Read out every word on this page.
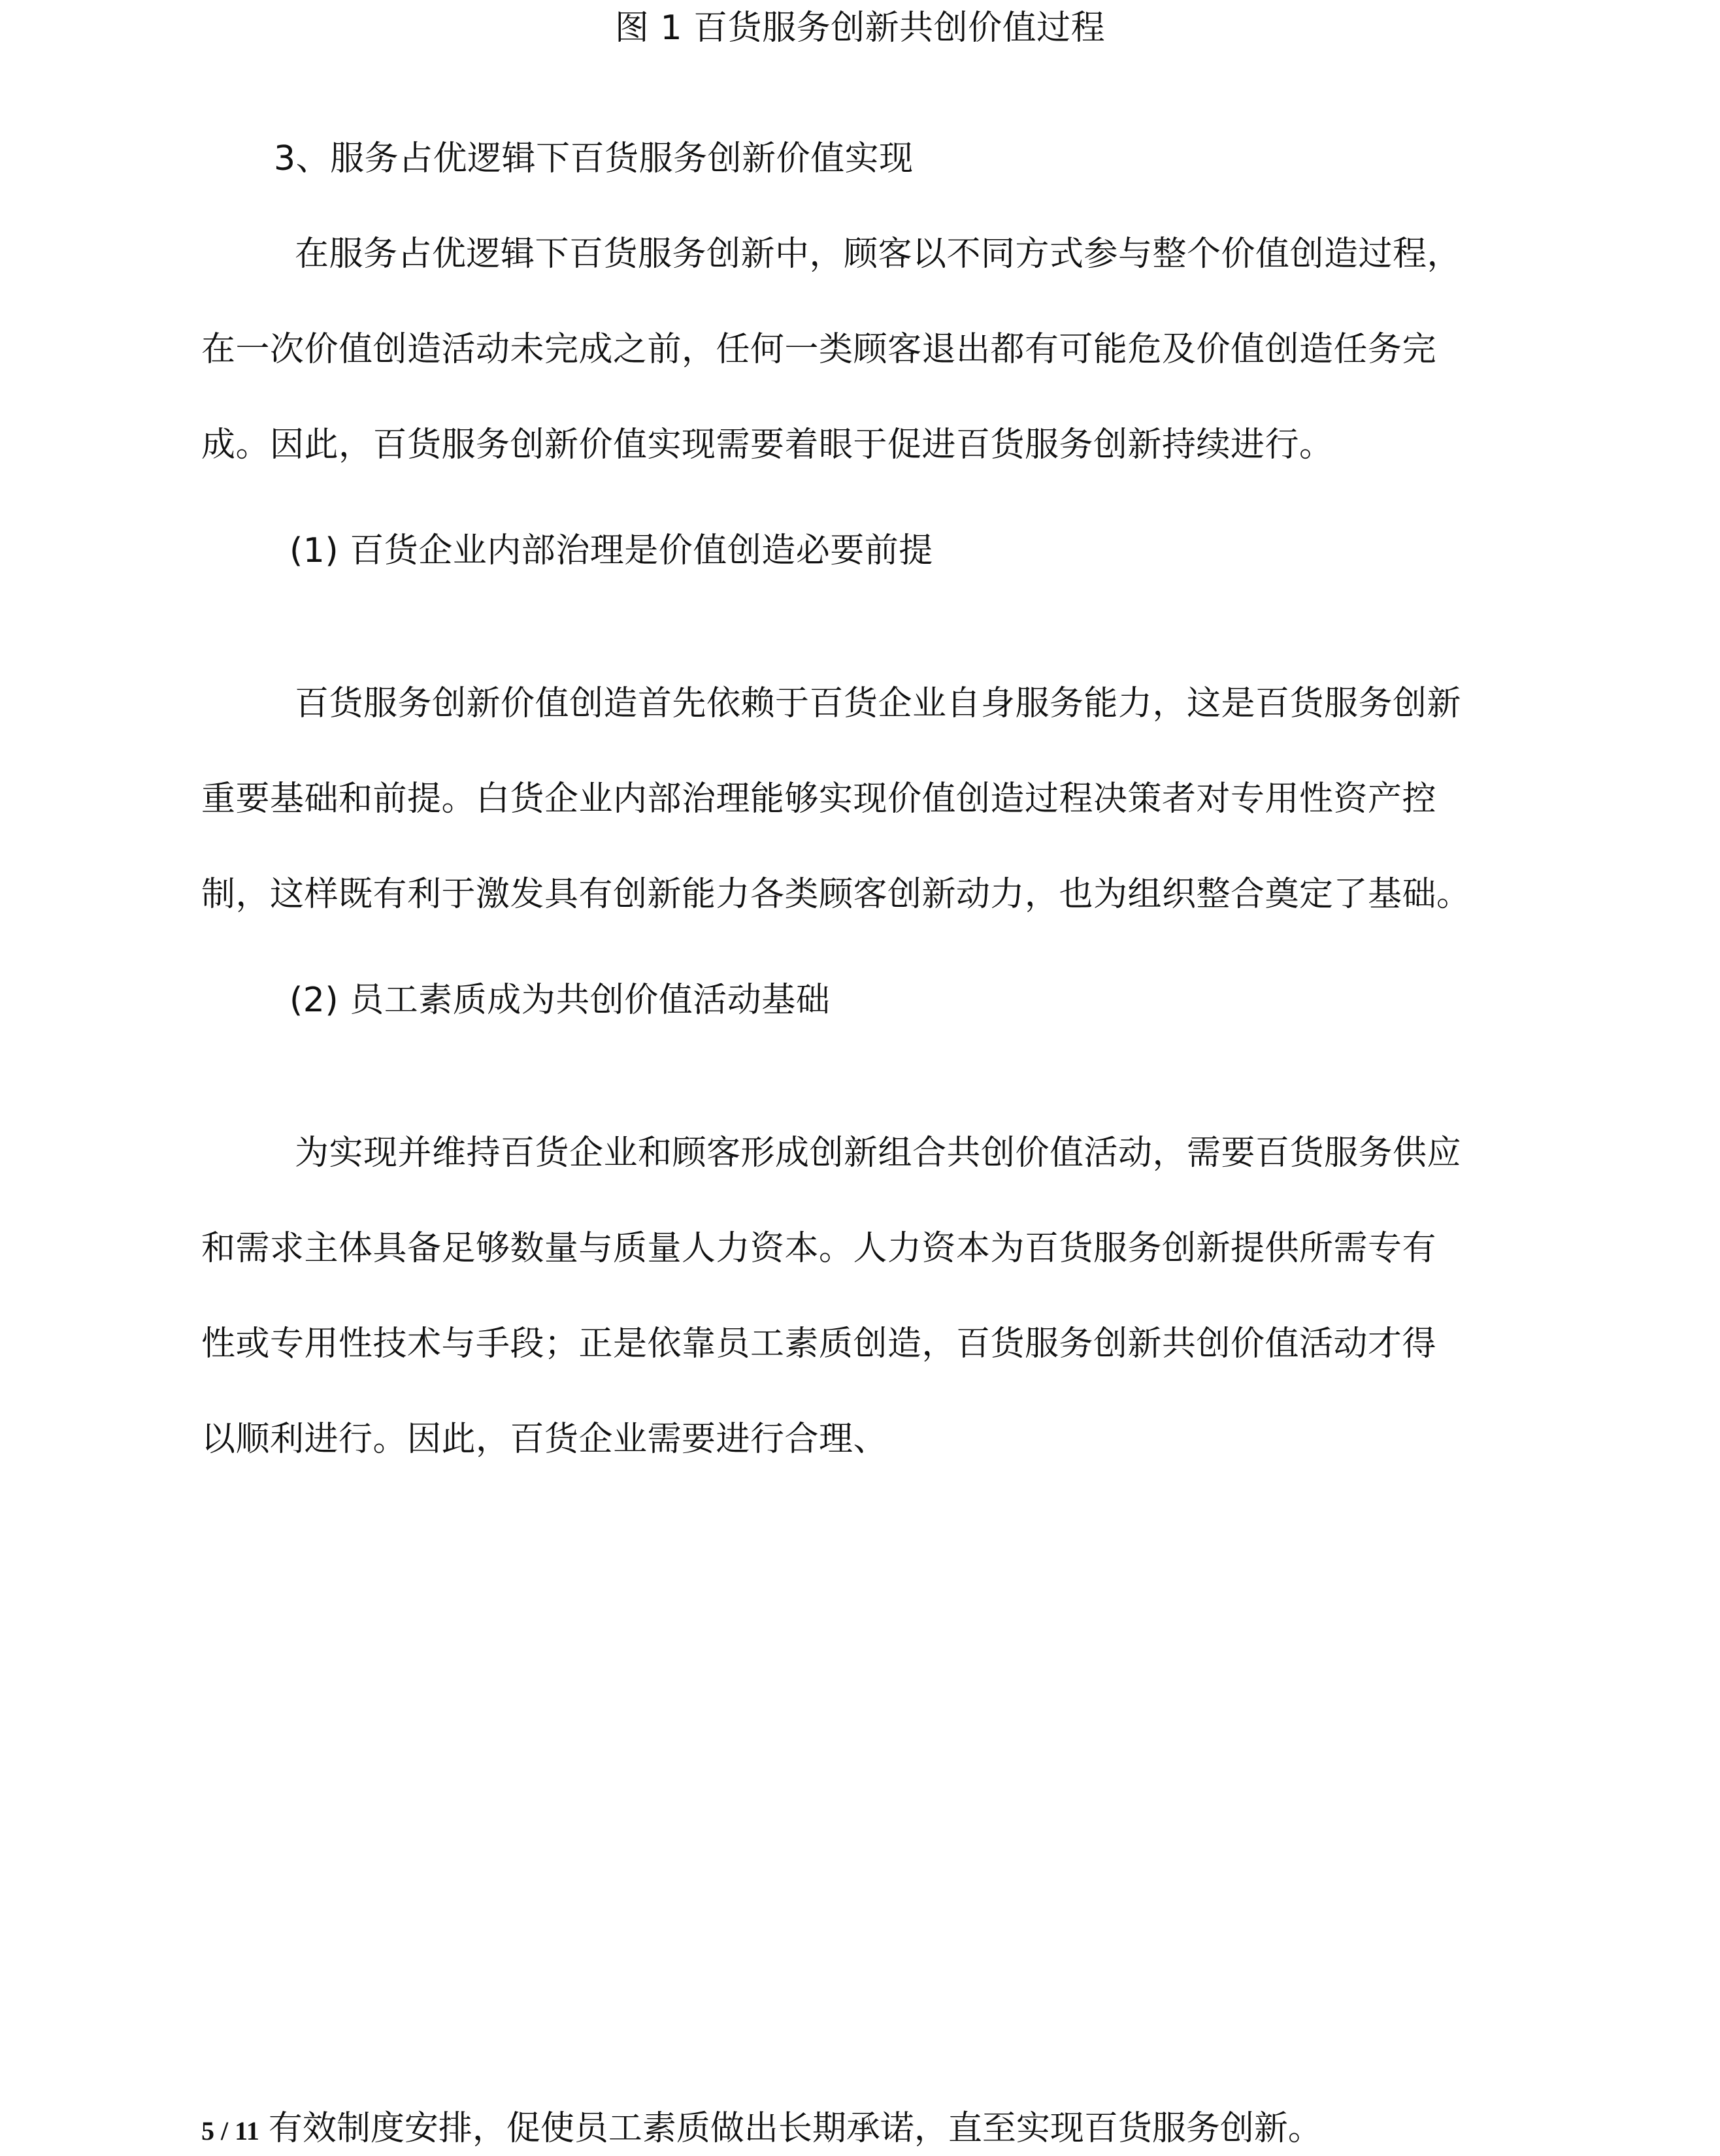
图 1 百货服务创新共创价值过程
3、服务占优逻辑下百货服务创新价值实现
在服务占优逻辑下百货服务创新中，顾客以不同方式参与整个价值创造过程，
在一次价值创造活动未完成之前，任何一类顾客退出都有可能危及价值创造任务完
成。因此，百货服务创新价值实现需要着眼于促进百货服务创新持续进行。
(1) 百货企业内部治理是价值创造必要前提
百货服务创新价值创造首先依赖于百货企业自身服务能力，这是百货服务创新
重要基础和前提。白货企业内部治理能够实现价值创造过程决策者对专用性资产控
制，这样既有利于激发具有创新能力各类顾客创新动力，也为组织整合奠定了基础。
(2) 员工素质成为共创价值活动基础
为实现并维持百货企业和顾客形成创新组合共创价值活动，需要百货服务供应
和需求主体具备足够数量与质量人力资本。人力资本为百货服务创新提供所需专有
性或专用性技术与手段；正是依靠员工素质创造，百货服务创新共创价值活动才得
以顺利进行。因此，百货企业需要进行合理、
5 / 11 有效制度安排，促使员工素质做出长期承诺，直至实现百货服务创新。
